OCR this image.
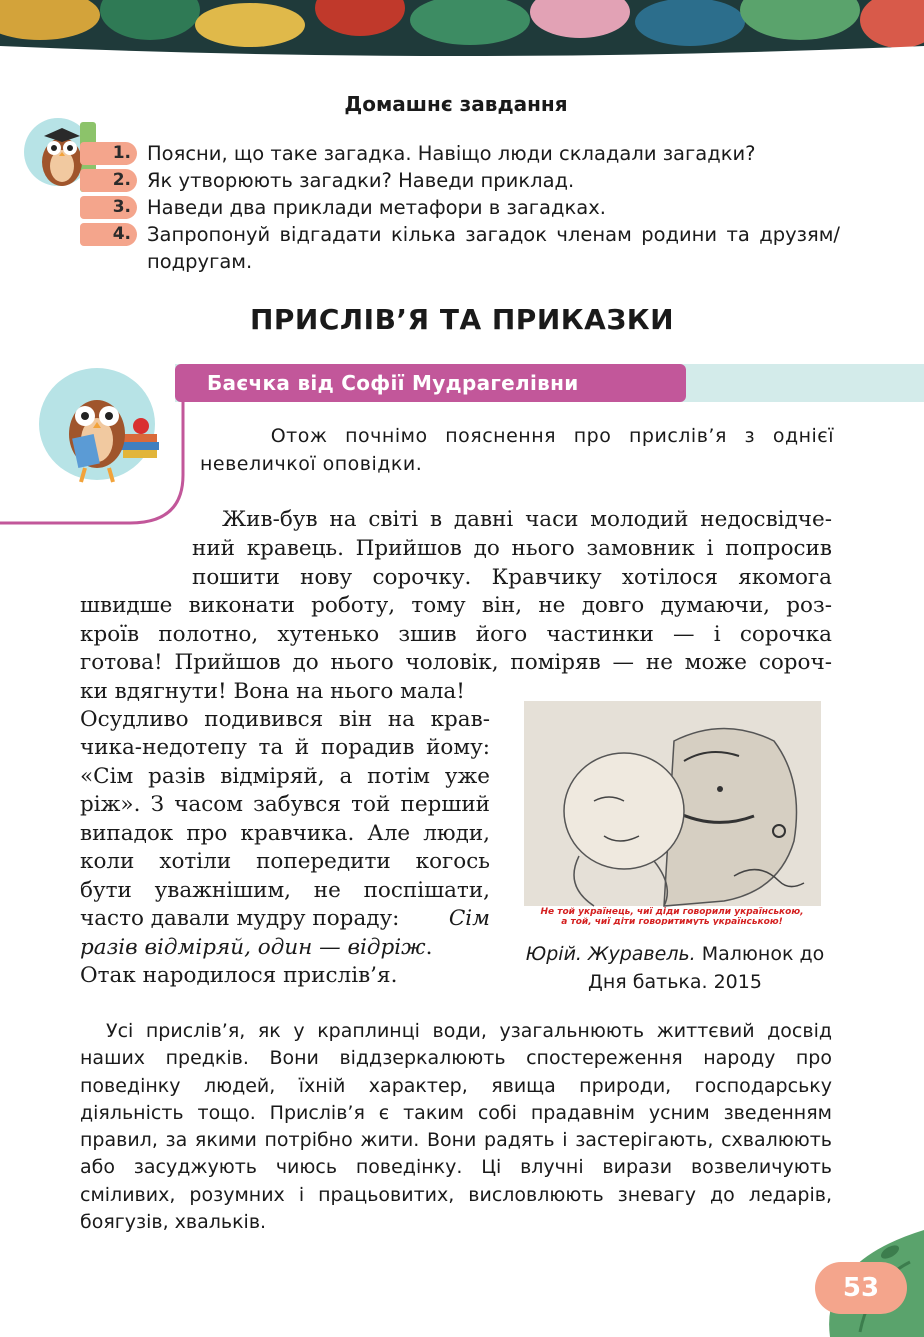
Домашнє завдання
1. Поясни, що таке загадка. Навіщо люди складали загадки?
2. Як утворюють загадки? Наведи приклад.
3. Наведи два приклади метафори в загадках.
4. Запропонуй відгадати кілька загадок членам родини та друзям/подругам.
ПРИСЛІВ’Я ТА ПРИКАЗКИ
Баєчка від Софії Мудрагелівни
Отож почнімо пояснення про прислів’я з однієї невеличкої оповідки.
Жив-був на світі в давні часи молодий недосвідче-
ний кравець. Прийшов до нього замовник і попросив
пошити нову сорочку. Кравчику хотілося якомога
швидше виконати роботу, тому він, не довго думаючи, роз-
кроїв полотно, хутенько зшив його частинки — і сорочка
готова! Прийшов до нього чоловік, поміряв — не може сороч-
ки вдягнути! Вона на нього мала!
Осудливо подивився він на крав-
чика-недотепу та й порадив йому:
«Сім разів відміряй, а потім уже
ріж». З часом забувся той перший
випадок про кравчика. Але люди,
коли хотіли попередити когось
бути уважнішим, не поспішати,
часто давали мудру пораду: Сім
разів відміряй, один — відріж.
Отак народилося прислів’я.
Не той українець, чиї діди говорили українською,
а той, чиї діти говоритимуть українською!
Юрій. Журавель. Малюнок до Дня батька. 2015

Усі прислів’я, як у краплинці води, узагальнюють життєвий досвід наших предків. Вони віддзеркалюють спостереження народу про поведінку людей, їхній характер, явища природи, господарську діяльність тощо. Прислів’я є таким собі прадавнім усним зведенням правил, за якими потрібно жити. Вони радять і застерігають, схвалюють або засуджують чиюсь поведінку. Ці влучні вирази возвеличують сміливих, розумних і працьовитих, висловлюють зневагу до ледарів, боягузів, хвальків.

53
